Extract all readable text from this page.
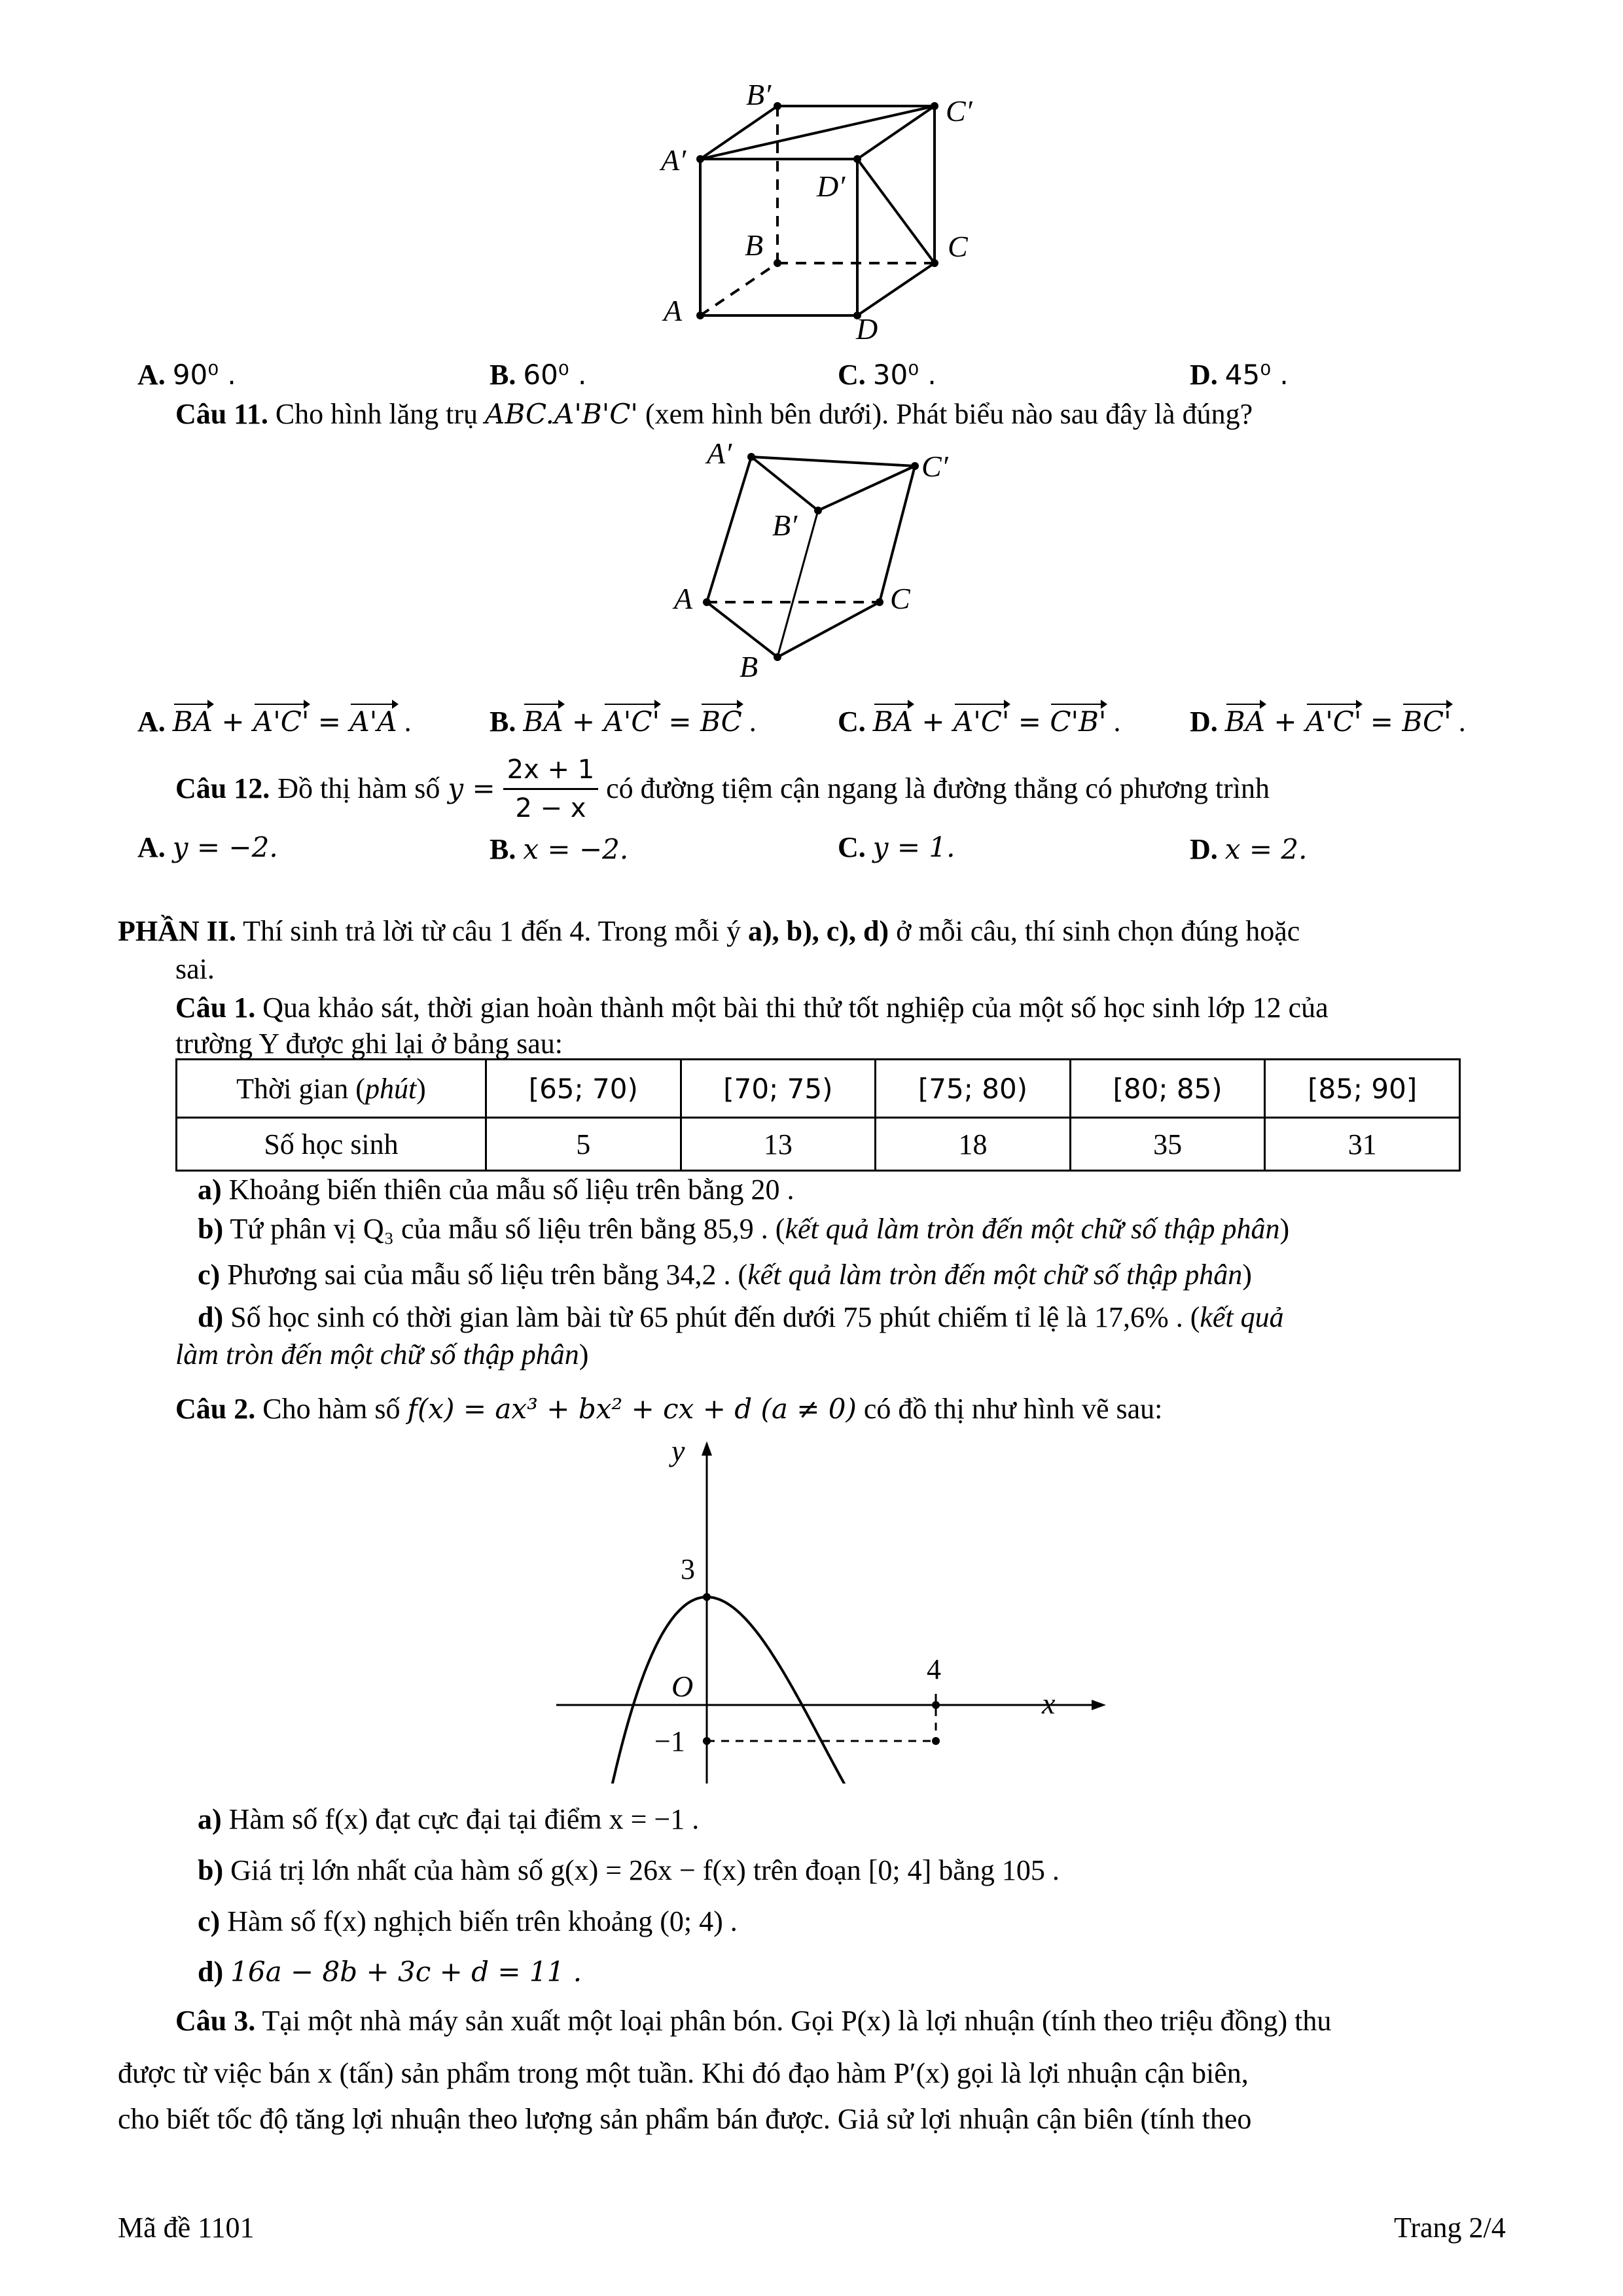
B′	C′
A′
D′
B	C
A
D
A. 90⁰ .	B. 60⁰ .	C. 30⁰ .	D. 45⁰ .
Câu 11. Cho hình lăng trụ ABC.A'B'C' (xem hình bên dưới). Phát biểu nào sau đây là đúng?
A′	C′
B′
A	C
B
A. BA + A'C' = A'A .	B. BA + A'C' = BC .	C. BA + A'C' = C'B' . D. BA + A'C' = BC' .
Câu 12. Đồ thị hàm số $y = \frac{2x + 1}{2 - x}$ có đường tiệm cận ngang là đường thẳng có phương trình
A. y = −2.	B. x = −2.	C. y = 1.	D. x = 2.
PHẦN II. Thí sinh trả lời từ câu 1 đến 4. Trong mỗi ý a), b), c), d) ở mỗi câu, thí sinh chọn đúng hoặc
sai.
Câu 1. Qua khảo sát, thời gian hoàn thành một bài thi thử tốt nghiệp của một số học sinh lớp 12 của
trường Y được ghi lại ở bảng sau:
Thời gian (phút)	[65; 70)	[70; 75)	[75; 80)	[80; 85)	[85; 90]
Số học sinh	5	13	18	35	31
a) Khoảng biến thiên của mẫu số liệu trên bằng 20 .
b) Tứ phân vị Q₃ của mẫu số liệu trên bằng 85,9 . (kết quả làm tròn đến một chữ số thập phân)
c) Phương sai của mẫu số liệu trên bằng 34,2 . (kết quả làm tròn đến một chữ số thập phân)
d) Số học sinh có thời gian làm bài từ 65 phút đến dưới 75 phút chiếm tỉ lệ là 17,6% . (kết quả
làm tròn đến một chữ số thập phân)
Câu 2. Cho hàm số f(x) = ax³ + bx² + cx + d (a ≠ 0) có đồ thị như hình vẽ sau:
y
x
O
3
4
−1
a) Hàm số f(x) đạt cực đại tại điểm x = −1 .
b) Giá trị lớn nhất của hàm số g(x) = 26x − f(x) trên đoạn [0; 4] bằng 105 .
c) Hàm số f(x) nghịch biến trên khoảng (0; 4) .
d) 16a − 8b + 3c + d = 11 .
Câu 3. Tại một nhà máy sản xuất một loại phân bón. Gọi P(x) là lợi nhuận (tính theo triệu đồng) thu
được từ việc bán x (tấn) sản phẩm trong một tuần. Khi đó đạo hàm P′(x) gọi là lợi nhuận cận biên,
cho biết tốc độ tăng lợi nhuận theo lượng sản phẩm bán được. Giả sử lợi nhuận cận biên (tính theo
Mã đề 1101	Trang 2/4
